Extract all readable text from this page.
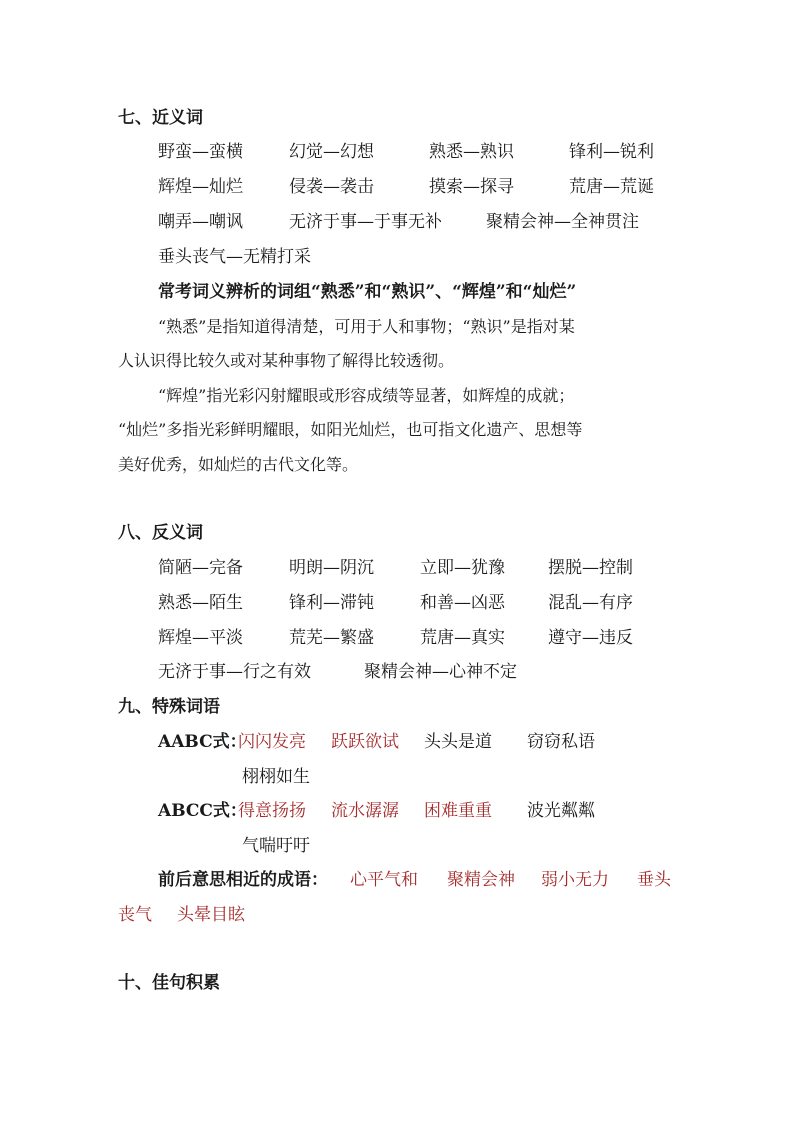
七、近义词
野蛮—蛮横	幻觉—幻想	熟悉—熟识	锋利—锐利
辉煌—灿烂	侵袭—袭击	摸索—探寻	荒唐—荒诞
嘲弄—嘲讽	无济于事—于事无补	聚精会神—全神贯注
垂头丧气—无精打采
常考词义辨析的词组“熟悉”和“熟识”、“辉煌”和“灿烂”
“熟悉”是指知道得清楚，可用于人和事物；“熟识”是指对某
人认识得比较久或对某种事物了解得比较透彻。
“辉煌”指光彩闪射耀眼或形容成绩等显著，如辉煌的成就；
“灿烂”多指光彩鲜明耀眼，如阳光灿烂，也可指文化遗产、思想等
美好优秀，如灿烂的古代文化等。
八、反义词
简陋—完备	明朗—阴沉	立即—犹豫	摆脱—控制
熟悉—陌生	锋利—滞钝	和善—凶恶	混乱—有序
辉煌—平淡	荒芜—繁盛	荒唐—真实	遵守—违反
无济于事—行之有效	聚精会神—心神不定
九、特殊词语
AABC式：
闪闪发亮 跃跃欲试 头头是道 窃窃私语
栩栩如生
ABCC式：
得意扬扬 流水潺潺 困难重重 波光粼粼
气喘吁吁
前后意思相近的成语： 心平气和 聚精会神 弱小无力 垂头
丧气 头晕目眩
十、佳句积累
